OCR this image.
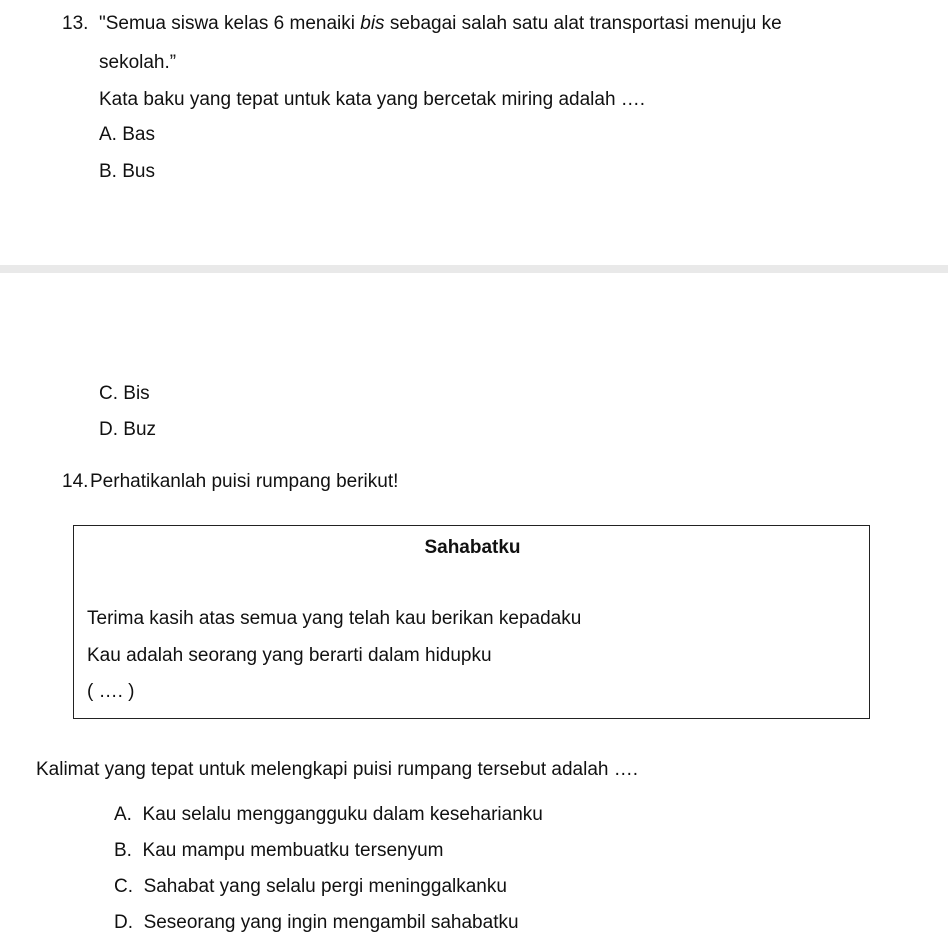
13. "Semua siswa kelas 6 menaiki bis sebagai salah satu alat transportasi menuju ke
sekolah.”
Kata baku yang tepat untuk kata yang bercetak miring adalah ….
A. Bas
B. Bus
C. Bis
D. Buz
14. Perhatikanlah puisi rumpang berikut!
Sahabatku
Terima kasih atas semua yang telah kau berikan kepadaku
Kau adalah seorang yang berarti dalam hidupku
( …. )
Kalimat yang tepat untuk melengkapi puisi rumpang tersebut adalah ….
A. Kau selalu menggangguku dalam keseharianku
B. Kau mampu membuatku tersenyum
C. Sahabat yang selalu pergi meninggalkanku
D. Seseorang yang ingin mengambil sahabatku
